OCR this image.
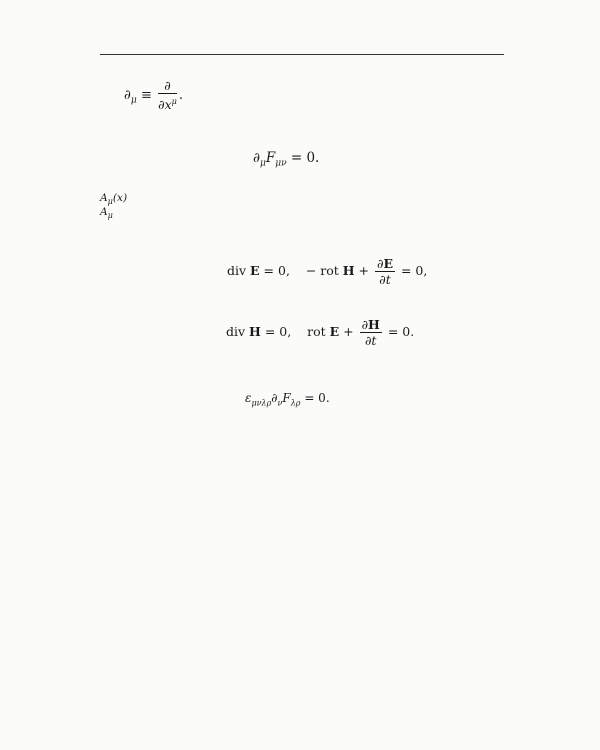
$\partial_\mu \equiv \frac{\partial}{\partial x^\mu}$ .
$\partial_\mu F_{\mu\nu} = 0$.
$A_\mu(x)$
$A_\mu$
div E = 0,    − rot $H + \frac{\partial E}{\partial t} = 0$,
div H = 0,    rot $E + \frac{\partial H}{\partial t} = 0$.
$\varepsilon_{\mu\nu\lambda\rho}\partial_\nu F_{\lambda\rho} = 0$.
